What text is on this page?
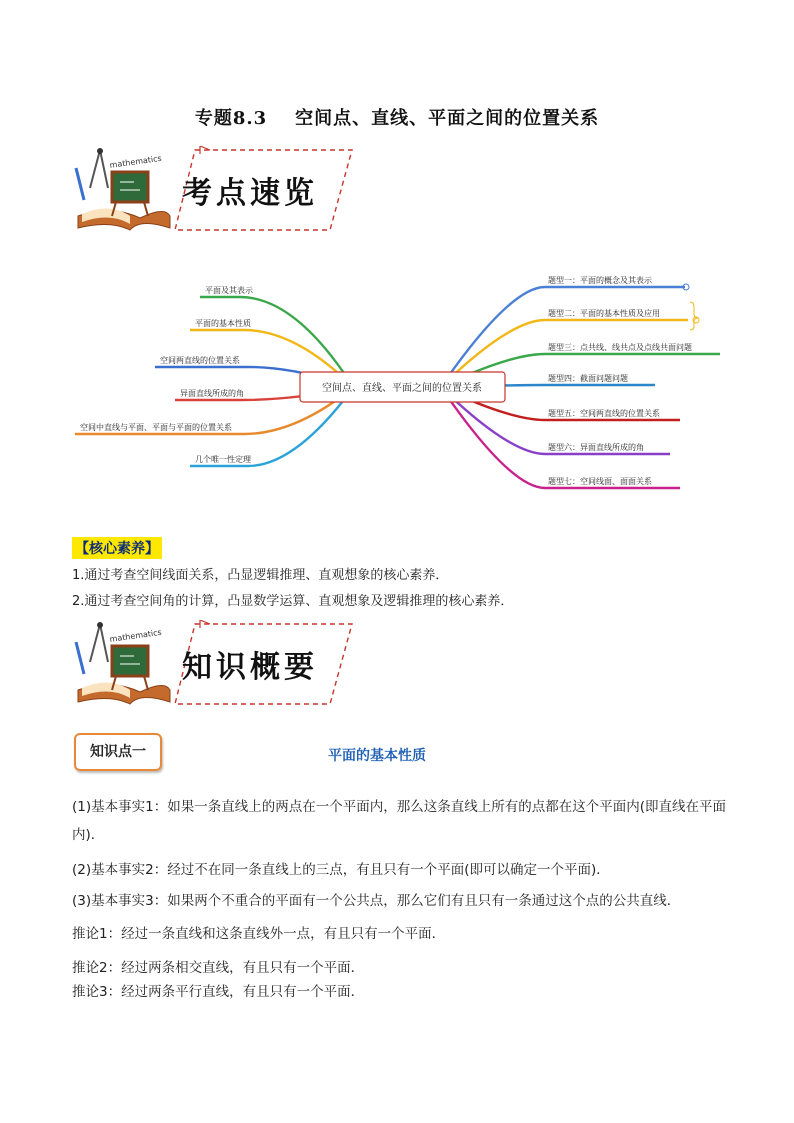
专题8.3 空间点、直线、平面之间的位置关系
mathematics
考点速览
空间点、直线、平面之间的位置关系
平面及其表示
平面的基本性质
空间两直线的位置关系
异面直线所成的角
空间中直线与平面、平面与平面的位置关系
几个唯一性定理
题型一：平面的概念及其表示
题型二：平面的基本性质及应用
题型三：点共线、线共点及点线共面问题
题型四：截面问题问题
题型五：空间两直线的位置关系
题型六：异面直线所成的角
题型七：空间线面、面面关系
【核心素养】
1.通过考查空间线面关系，凸显逻辑推理、直观想象的核心素养．
2.通过考查空间角的计算，凸显数学运算、直观想象及逻辑推理的核心素养．
mathematics
知识概要
知识点一	平面的基本性质
(1)基本事实1：如果一条直线上的两点在一个平面内，那么这条直线上所有的点都在这个平面内(即直线在平面内)．
(2)基本事实2：经过不在同一条直线上的三点，有且只有一个平面(即可以确定一个平面)．
(3)基本事实3：如果两个不重合的平面有一个公共点，那么它们有且只有一条通过这个点的公共直线．
推论1：经过一条直线和这条直线外一点，有且只有一个平面．
推论2：经过两条相交直线，有且只有一个平面．
推论3：经过两条平行直线，有且只有一个平面．
